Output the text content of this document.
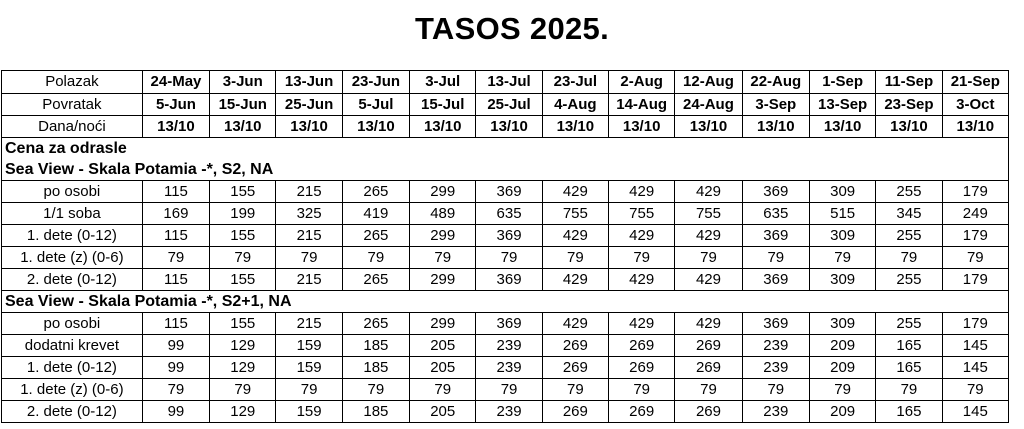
TASOS 2025.
Polazak	24-May	3-Jun	13-Jun	23-Jun	3-Jul	13-Jul	23-Jul	2-Aug	12-Aug	22-Aug	1-Sep	11-Sep	21-Sep
Povratak	5-Jun	15-Jun	25-Jun	5-Jul	15-Jul	25-Jul	4-Aug	14-Aug	24-Aug	3-Sep	13-Sep	23-Sep	3-Oct
Dana/noći	13/10	13/10	13/10	13/10	13/10	13/10	13/10	13/10	13/10	13/10	13/10	13/10	13/10
Cena za odrasle													
Sea View - Skala Potamia -*, S2, NA													
po osobi	115	155	215	265	299	369	429	429	429	369	309	255	179
1/1 soba	169	199	325	419	489	635	755	755	755	635	515	345	249
1. dete (0-12)	115	155	215	265	299	369	429	429	429	369	309	255	179
1. dete (z) (0-6)	79	79	79	79	79	79	79	79	79	79	79	79	79
2. dete (0-12)	115	155	215	265	299	369	429	429	429	369	309	255	179
Sea View - Skala Potamia -*, S2+1, NA													
po osobi	115	155	215	265	299	369	429	429	429	369	309	255	179
dodatni krevet	99	129	159	185	205	239	269	269	269	239	209	165	145
1. dete (0-12)	99	129	159	185	205	239	269	269	269	239	209	165	145
1. dete (z) (0-6)	79	79	79	79	79	79	79	79	79	79	79	79	79
2. dete (0-12)	99	129	159	185	205	239	269	269	269	239	209	165	145
